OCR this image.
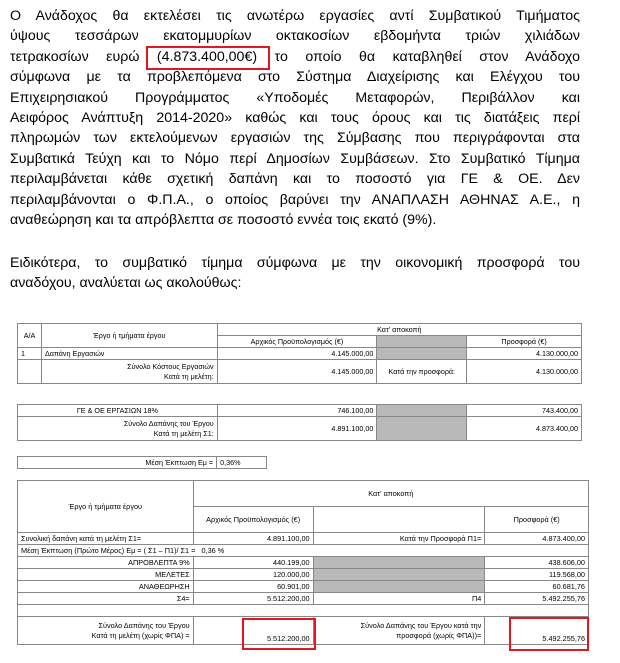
Ο Ανάδοχος θα εκτελέσει τις ανωτέρω εργασίες αντί Συμβατικού Τιμήματος
ύψους τεσσάρων εκατομμυρίων οκτακοσίων εβδομήντα τριών χιλιάδων
τετρακοσίων ευρώ (4.873.400,00€) το οποίο θα καταβληθεί στον Ανάδοχο
σύμφωνα με τα προβλεπόμενα στο Σύστημα Διαχείρισης και Ελέγχου του
Επιχειρησιακού Προγράμματος «Υποδομές Μεταφορών, Περιβάλλον και
Αειφόρος Ανάπτυξη 2014-2020» καθώς και τους όρους και τις διατάξεις περί
πληρωμών των εκτελούμενων εργασιών της Σύμβασης που περιγράφονται στα
Συμβατικά Τεύχη και το Νόμο περί Δημοσίων Συμβάσεων. Στο Συμβατικό Τίμημα
περιλαμβάνεται κάθε σχετική δαπάνη και το ποσοστό για ΓΕ & ΟΕ. Δεν
περιλαμβάνονται ο Φ.Π.Α., ο οποίος βαρύνει την ΑΝΑΠΛΑΣΗ ΑΘΗΝΑΣ Α.Ε., η
αναθεώρηση και τα απρόβλεπτα σε ποσοστό εννέα τοις εκατό (9%).
Ειδικότερα, το συμβατικό τίμημα σύμφωνα με την οικονομική προσφορά του
αναδόχου, αναλύεται ως ακολούθως:
Α/Α	Έργο ή τμήματα έργου	Κατ' αποκοπή		
		Αρχικός Προϋπολογισμός (€)		Προσφορά (€)
1	Δαπάνη Εργασιών	4.145.000,00		4.130.000,00
	Σύνολο Κόστους Εργασιών
Κατά τη μελέτη:	4.145.000,00	Κατά την προσφορά:	4.130.000,00
ΓΕ & ΟΕ ΕΡΓΑΣΙΩΝ 18%	746.100,00		743.400,00
Σύνολο Δαπάνης του Έργου
Κατά τη μελέτη Σ1:	4.891.100,00		4.873.400,00
Μέση Έκπτωση Εμ =	0,36%
Έργο ή τμήματα έργου	Κατ' αποκοπή		
	Αρχικός Προϋπολογισμός (€)		Προσφορά (€)
Συνολική δαπάνη κατά τη μελέτη Σ1=	4.891.100,00	Κατά την Προσφορά Π1=	4.873.400,00
Μέση Έκπτωση (Πρώτο Μέρος) Εμ = ( Σ1 – Π1)/ Σ1 = 0,36 %			
ΑΠΡΟΒΛΕΠΤΑ 9%	440.199,00		438.606,00
ΜΕΛΕΤΕΣ	120.000,00		119.568,00
ΑΝΑΘΕΩΡΗΣΗ	60.901,00		60.681,76
Σ4=	5.512.200,00	Π4	5.492.255,76

Σύνολο Δαπάνης του Έργου
Κατά τη μελέτη (χωρίς ΦΠΑ) =	5.512.200,00	Σύνολο Δαπάνης του Έργου κατά την
προσφορά (χωρίς ΦΠΑ))=	5.492.255,76
